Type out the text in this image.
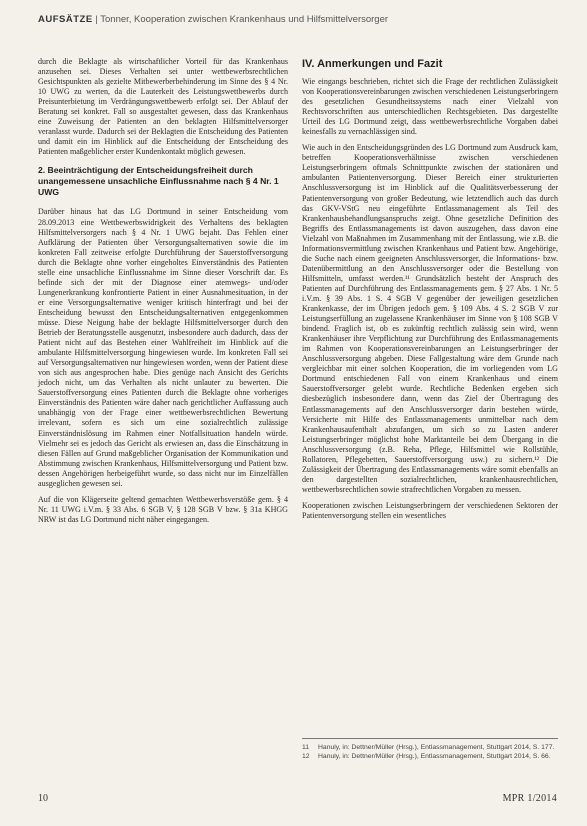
AUFSÄTZE | Tonner, Kooperation zwischen Krankenhaus und Hilfsmittelversorger

durch die Beklagte als wirtschaftlicher Vorteil für das Krankenhaus anzusehen sei. Dieses Verhalten sei unter wettbewerbsrechtlichen Gesichtspunkten als gezielte Mitbewerberbehinderung im Sinne des § 4 Nr. 10 UWG zu werten, da die Lauterkeit des Leistungswettbewerbs durch Preisunterbietung im Verdrängungswettbewerb erfolgt sei. Der Ablauf der Beratung sei konkret. Fall so ausgestaltet gewesen, dass das Krankenhaus eine Zuweisung der Patienten an den beklagten Hilfsmittelversorger veranlasst wurde. Dadurch sei der Beklagten die Entscheidung des Patienten und damit ein im Hinblick auf die Entscheidung der Entscheidung des Patienten maßgeblicher erster Kundenkontakt möglich gewesen.

2. Beeinträchtigung der Entscheidungsfreiheit durch unangemessene unsachliche Einflussnahme nach § 4 Nr. 1 UWG

Darüber hinaus hat das LG Dortmund in seiner Entscheidung vom 28.09.2013 eine Wettbewerbswidrigkeit des Verhaltens des beklagten Hilfsmittelversorgers nach § 4 Nr. 1 UWG bejaht. Das Fehlen einer Aufklärung der Patienten über Versorgungsalternativen sowie die im konkreten Fall zeitweise erfolgte Durchführung der Sauerstoffversorgung durch die Beklagte ohne vorher eingeholtes Einverständnis des Patienten stelle eine unsachliche Einflussnahme im Sinne dieser Vorschrift dar. Es befinde sich der mit der Diagnose einer atemwegs- und/oder Lungenerkrankung konfrontierte Patient in einer Ausnahmesituation, in der er eine Versorgungsalternative weniger kritisch hinterfragt und bei der Entscheidung bewusst den Entscheidungsalternativen entgegenkommen müsse. Diese Neigung habe der beklagte Hilfsmittelversorger durch den Betrieb der Beratungsstelle ausgenutzt, insbesondere auch dadurch, dass der Patient nicht auf das Bestehen einer Wahlfreiheit im Hinblick auf die ambulante Hilfsmittelversorgung hingewiesen wurde. Im konkreten Fall sei auf Versorgungsalternativen nur hingewiesen worden, wenn der Patient diese von sich aus angesprochen habe. Dies genüge nach Ansicht des Gerichts jedoch nicht, um das Verhalten als nicht unlauter zu bewerten. Die Sauerstoffversorgung eines Patienten durch die Beklagte ohne vorheriges Einverständnis des Patienten wäre daher nach gerichtlicher Auffassung auch unabhängig von der Frage einer wettbewerbsrechtlichen Bewertung irrelevant, sofern es sich um eine sozialrechtlich zulässige Einverständnislösung im Rahmen einer Notfallsituation handeln würde. Vielmehr sei es jedoch das Gericht als erwiesen an, dass die Einschätzung in diesen Fällen auf Grund maßgeblicher Organisation der Kommunikation und Abstimmung zwischen Krankenhaus, Hilfsmittelversorgung und Patient bzw. dessen Angehörigen herbeigeführt wurde, so dass nicht nur im Einzelfällen ausgeglichen gewesen sei.

Auf die von Klägerseite geltend gemachten Wettbewerbsverstöße gem. § 4 Nr. 11 UWG i.V.m. § 33 Abs. 6 SGB V, § 128 SGB V bzw. § 31a KHGG NRW ist das LG Dortmund nicht näher eingegangen.

IV. Anmerkungen und Fazit

Wie eingangs beschrieben, richtet sich die Frage der rechtlichen Zulässigkeit von Kooperationsvereinbarungen zwischen verschiedenen Leistungserbringern des gesetzlichen Gesundheitssystems nach einer Vielzahl von Rechtsvorschriften aus unterschiedlichen Rechtsgebieten. Das dargestellte Urteil des LG Dortmund zeigt, dass wettbewerbsrechtliche Vorgaben dabei keinesfalls zu vernachlässigen sind.

Wie auch in den Entscheidungsgründen des LG Dortmund zum Ausdruck kam, betreffen Kooperationsverhältnisse zwischen verschiedenen Leistungserbringern oftmals Schnittpunkte zwischen der stationären und ambulanten Patientenversorgung. Dieser Bereich einer strukturierten Anschlussversorgung ist im Hinblick auf die Qualitätsverbesserung der Patientenversorgung von großer Bedeutung, wie letztendlich auch das durch das GKV-VStG neu eingeführte Entlassmanagement als Teil des Krankenhausbehandlungsanspruchs zeigt. Ohne gesetzliche Definition des Begriffs des Entlassmanagements ist davon auszugehen, dass davon eine Vielzahl von Maßnahmen im Zusammenhang mit der Entlassung, wie z.B. die Informationsvermittlung zwischen Krankenhaus und Patient bzw. Angehörige, die Suche nach einem geeigneten Anschlussversorger, die Informations- bzw. Datenübermittlung an den Anschlussversorger oder die Bestellung von Hilfsmitteln, umfasst werden.¹¹ Grundsätzlich besteht der Anspruch des Patienten auf Durchführung des Entlassmanagements gem. § 27 Abs. 1 Nr. 5 i.V.m. § 39 Abs. 1 S. 4 SGB V gegenüber der jeweiligen gesetzlichen Krankenkasse, der im Übrigen jedoch gem. § 109 Abs. 4 S. 2 SGB V zur Leistungserfüllung an zugelassene Krankenhäuser im Sinne von § 108 SGB V bindend. Fraglich ist, ob es zukünftig rechtlich zulässig sein wird, wenn Krankenhäuser ihre Verpflichtung zur Durchführung des Entlassmanagements im Rahmen von Kooperationsvereinbarungen an Leistungserbringer der Anschlussversorgung abgeben. Diese Fallgestaltung wäre dem Grunde nach vergleichbar mit einer solchen Kooperation, die im vorliegenden vom LG Dortmund entschiedenen Fall von einem Krankenhaus und einem Sauerstoffversorger gelebt wurde. Rechtliche Bedenken ergeben sich diesbezüglich insbesondere dann, wenn das Ziel der Übertragung des Entlassmanagements auf den Anschlussversorger darin bestehen würde, Versicherte mit Hilfe des Entlassmanagements unmittelbar nach dem Krankenhausaufenthalt abzufangen, um sich so zu Lasten anderer Leistungserbringer möglichst hohe Marktanteile bei dem Übergang in die Anschlussversorgung (z.B. Reha, Pflege, Hilfsmittel wie Rollstühle, Rollatoren, Pflegebetten, Sauerstoffversorgung usw.) zu sichern.¹² Die Zulässigkeit der Übertragung des Entlassmanagements wäre somit ebenfalls an den dargestellten sozialrechtlichen, krankenhausrechtlichen, wettbewerbsrechtlichen sowie strafrechtlichen Vorgaben zu messen.

Kooperationen zwischen Leistungserbringern der verschiedenen Sektoren der Patientenversorgung stellen ein wesentliches

11	Hanuly, in: Dettner/Müller (Hrsg.), Entlassmanagement, Stuttgart 2014, S. 177.
12	Hanuly, in: Dettner/Müller (Hrsg.), Entlassmanagement, Stuttgart 2014, S. 66.
10	MPR 1/2014
